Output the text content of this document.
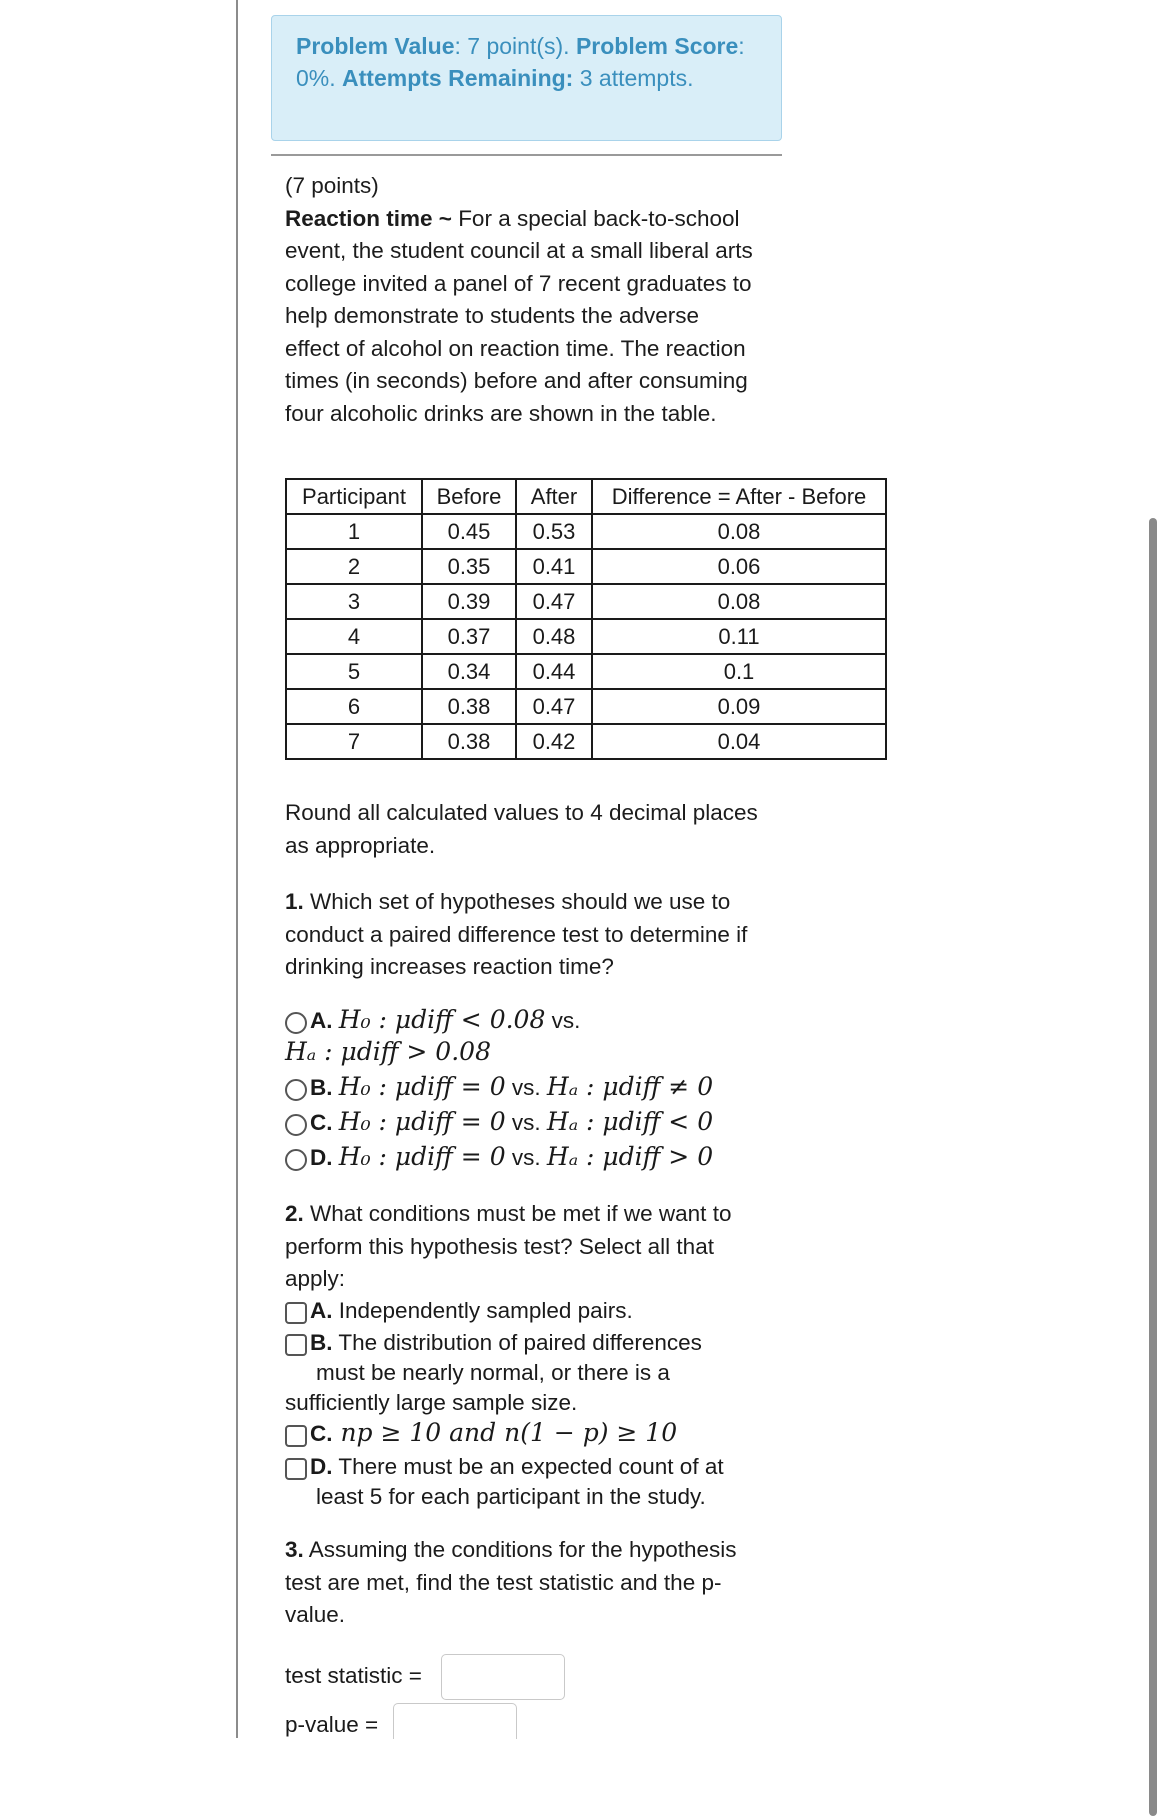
Problem Value: 7 point(s). Problem Score: 0%. Attempts Remaining: 3 attempts.
(7 points)
Reaction time ~ For a special back-to-school
event, the student council at a small liberal arts
college invited a panel of 7 recent graduates to
help demonstrate to students the adverse
effect of alcohol on reaction time. The reaction
times (in seconds) before and after consuming
four alcoholic drinks are shown in the table.
Participant	Before	After	Difference = After - Before
1	0.45	0.53	0.08
2	0.35	0.41	0.06
3	0.39	0.47	0.08
4	0.37	0.48	0.11
5	0.34	0.44	0.1
6	0.38	0.47	0.09
7	0.38	0.42	0.04
Round all calculated values to 4 decimal places
as appropriate.
1. Which set of hypotheses should we use to
conduct a paired difference test to determine if
drinking increases reaction time?
A. H₀ : μdiff < 0.08 vs.
Hₐ : μdiff > 0.08
B. H₀ : μdiff = 0 vs. Hₐ : μdiff ≠ 0
C. H₀ : μdiff = 0 vs. Hₐ : μdiff < 0
D. H₀ : μdiff = 0 vs. Hₐ : μdiff > 0
2. What conditions must be met if we want to
perform this hypothesis test? Select all that
apply:
A. Independently sampled pairs.
B. The distribution of paired differences
must be nearly normal, or there is a
sufficiently large sample size.
C. np ≥ 10 and n(1 − p) ≥ 10
D. There must be an expected count of at
least 5 for each participant in the study.
3. Assuming the conditions for the hypothesis
test are met, find the test statistic and the p-
value.
test statistic =
p-value =
